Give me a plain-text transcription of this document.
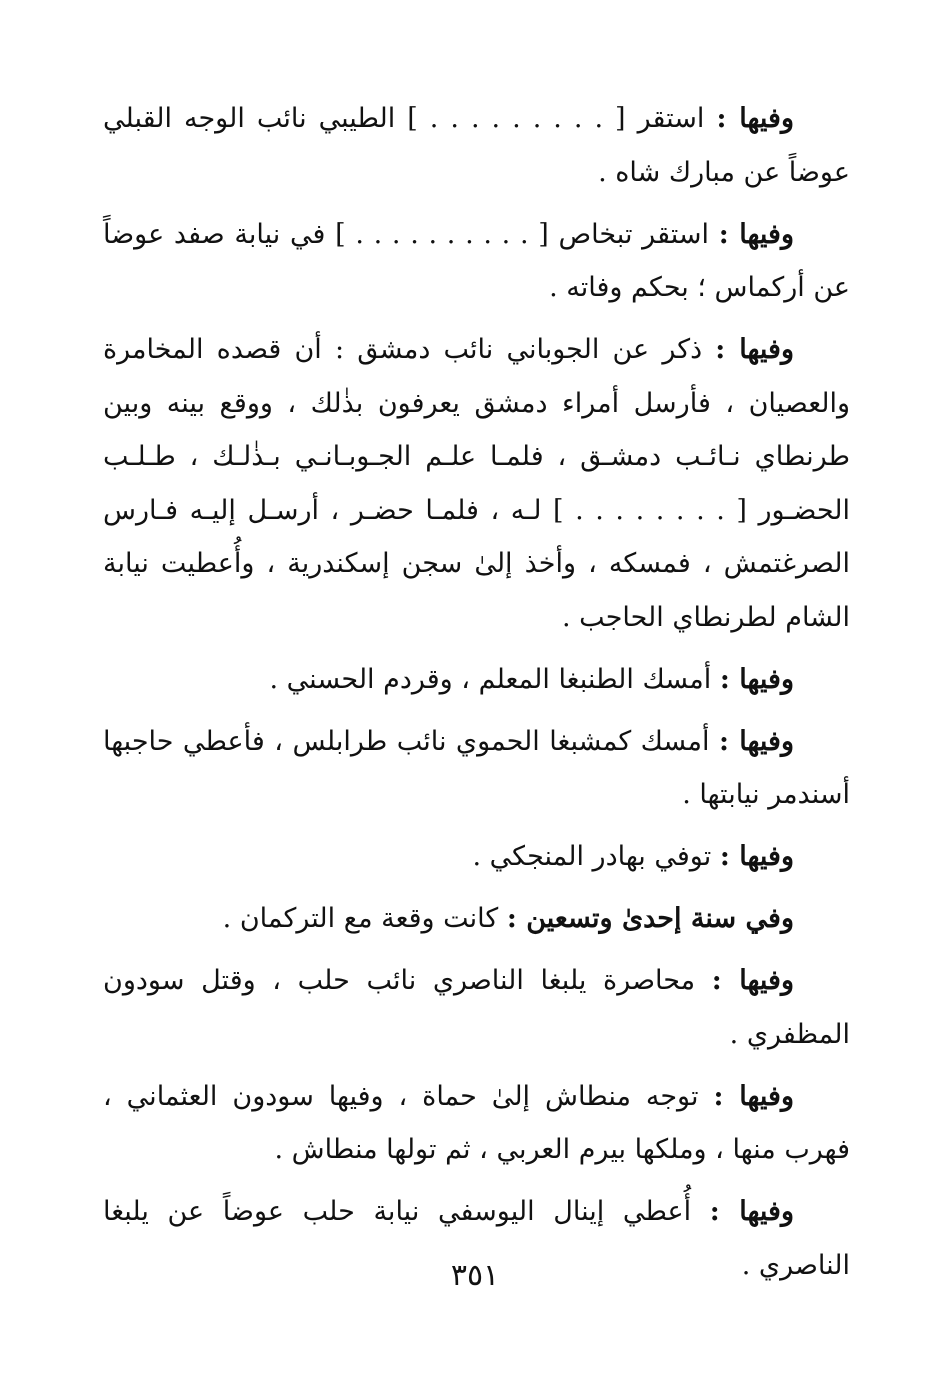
وفيها : استقر [ . . . . . . . . . ] الطيبي نائب الوجه القبلي عوضاً عن مبارك شاه .

وفيها : استقر تبخاص [ . . . . . . . . . . ] في نيابة صفد عوضاً عن أركماس ؛ بحكم وفاته .

وفيها : ذكر عن الجوباني نائب دمشق : أن قصده المخامرة والعصيان ، فأرسل أمراء دمشق يعرفون بذٰلك ، ووقع بينه وبين طرنطاي نـائـب دمشـق ، فلمـا علـم الجـوبـانـي بـذٰلـك ، طـلـب الحضـور [ . . . . . . . . ] لـه ، فلمـا حضـر ، أرسـل إليـه فـارس الصرغتمش ، فمسكه ، وأخذ إلىٰ سجن إسكندرية ، وأُعطيت نيابة الشام لطرنطاي الحاجب .

وفيها : أمسك الطنبغا المعلم ، وقردم الحسني .

وفيها : أمسك كمشبغا الحموي نائب طرابلس ، فأعطي حاجبها أسندمر نيابتها .

وفيها : توفي بهادر المنجكي .

وفي سنة إحدىٰ وتسعين : كانت وقعة مع التركمان .

وفيها : محاصرة يلبغا الناصري نائب حلب ، وقتل سودون المظفري .

وفيها : توجه منطاش إلىٰ حماة ، وفيها سودون العثماني ، فهرب منها ، وملكها بيرم العربي ، ثم تولها منطاش .

وفيها : أُعطي إينال اليوسفي نيابة حلب عوضاً عن يلبغا الناصري .

٣٥١
